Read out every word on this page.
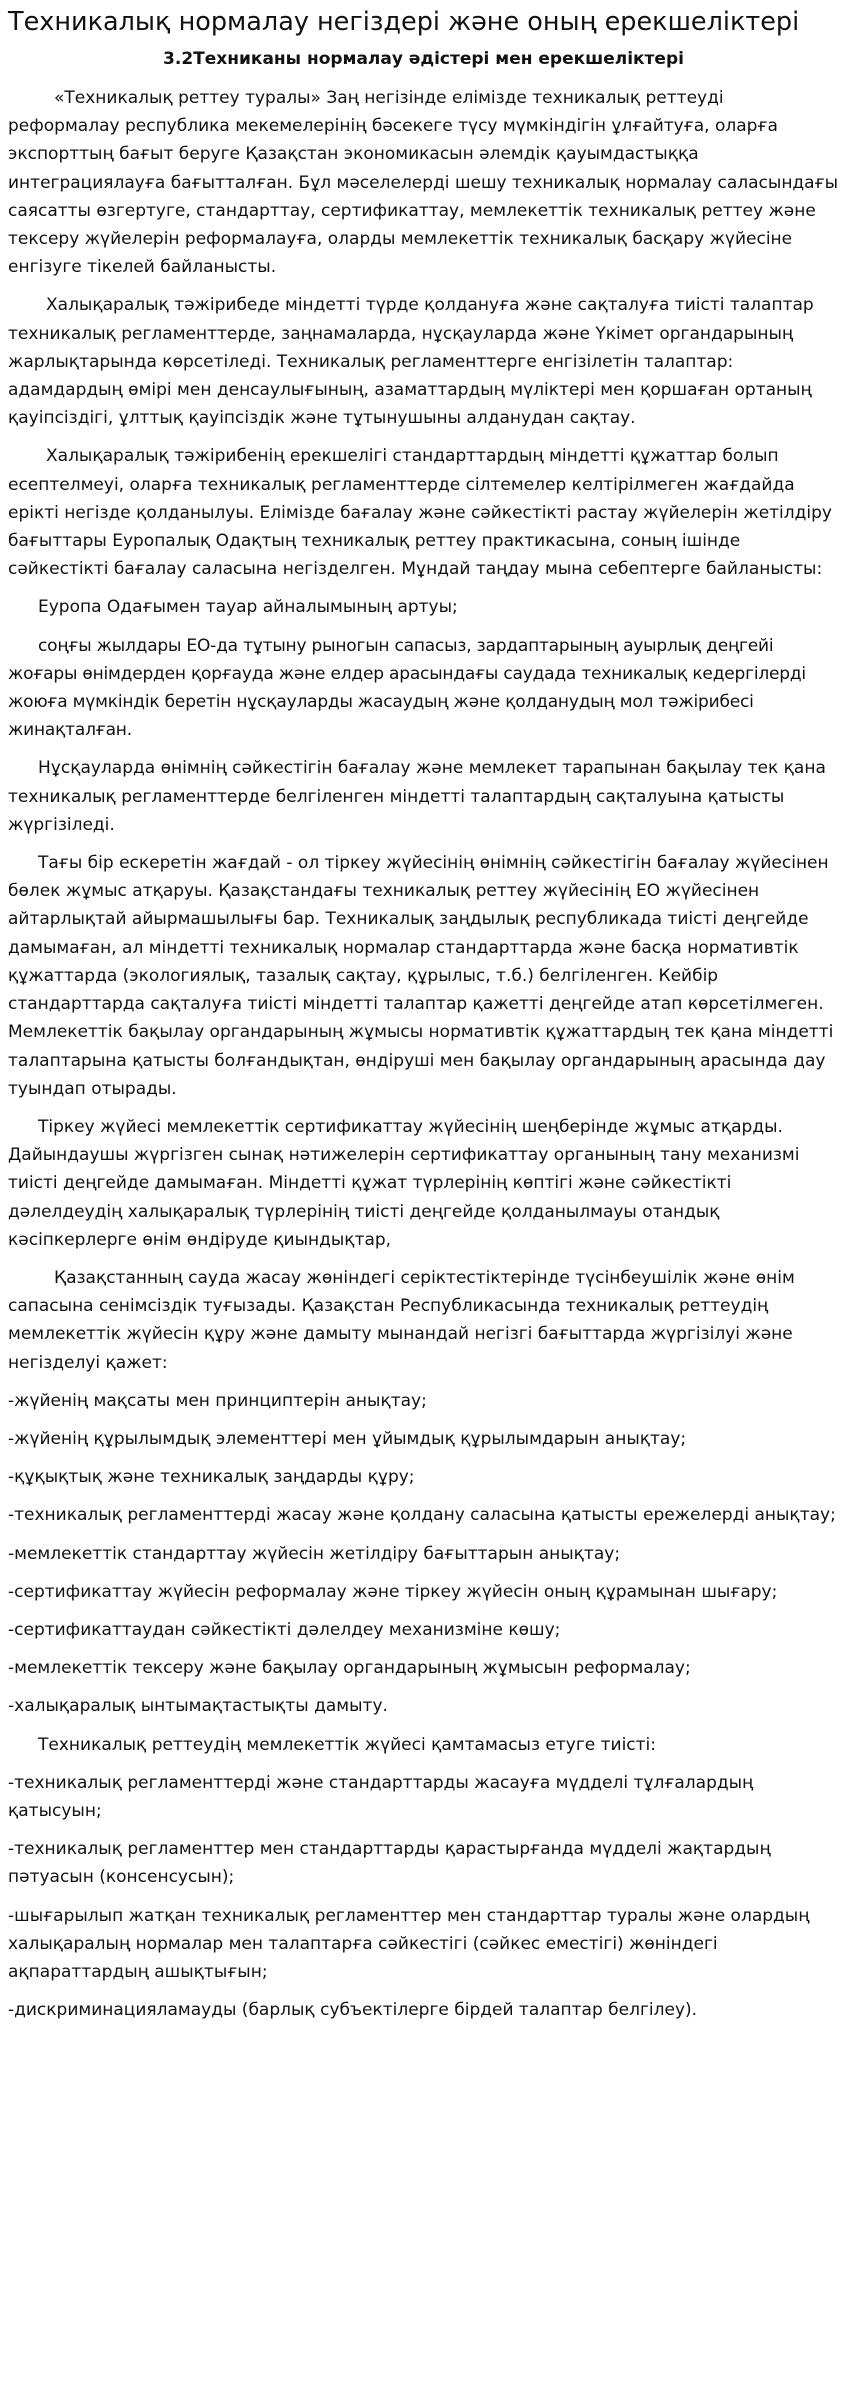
Техникалық нормалау негіздері және оның ерекшеліктері
3.2Техниканы нормалау әдістері мен ерекшеліктері

«Техникалық реттеу туралы» Заң негізінде елімізде техникалық реттеуді реформалау республика мекемелерінің бәсекеге түсу мүмкіндігін ұлғайтуға, оларға экспорттың бағыт беруге Қазақстан экономикасын әлемдік қауымдастыққа интеграциялауға бағытталған. Бұл мәселелерді шешу техникалық нормалау саласындағы саясатты өзгертуге, стандарттау, сертификаттау, мемлекеттік техникалық реттеу және тексеру жүйелерін реформалауға, оларды мемлекеттік техникалық басқару жүйесіне енгізуге тікелей байланысты.

Халықаралық тәжірибеде міндетті түрде қолдануға және сақталуға тиісті талаптар техникалық регламенттерде, заңнамаларда, нұсқауларда және Үкімет органдарының жарлықтарында көрсетіледі. Техникалық регламенттерге енгізілетін талаптар: адамдардың өмірі мен денсаулығының, азаматтардың мүліктері мен қоршаған ортаның қауіпсіздігі, ұлттық қауіпсіздік және тұтынушыны алданудан сақтау.

Халықаралық тәжірибенің ерекшелігі стандарттардың міндетті құжаттар болып есептелмеуі, оларға техникалық регламенттерде сілтемелер келтірілмеген жағдайда ерікті негізде қолданылуы. Елімізде бағалау және сәйкестікті растау жүйелерін жетілдіру бағыттары Еуропалық Одақтың техникалық реттеу практикасына, соның ішінде сәйкестікті бағалау саласына негізделген. Мұндай таңдау мына себептерге байланысты:

Еуропа Одағымен тауар айналымының артуы;

соңғы жылдары ЕО-да тұтыну рыногын сапасыз, зардаптарының ауырлық деңгейі жоғары өнімдерден қорғауда және елдер арасындағы саудада техникалық кедергілерді жоюға мүмкіндік беретін нұсқауларды жасаудың және қолданудың мол тәжірибесі жинақталған.

Нұсқауларда өнімнің сәйкестігін бағалау және мемлекет тарапынан бақылау тек қана техникалық регламенттерде белгіленген міндетті талаптардың сақталуына қатысты жүргізіледі.

Тағы бір ескеретін жағдай - ол тіркеу жүйесінің өнімнің сәйкестігін бағалау жүйесінен бөлек жұмыс атқаруы. Қазақстандағы техникалық реттеу жүйесінің ЕО жүйесінен айтарлықтай айырмашылығы бар. Техникалық заңдылық республикада тиісті деңгейде дамымаған, ал міндетті техникалық нормалар стандарттарда және басқа нормативтік құжаттарда (экологиялық, тазалық сақтау, құрылыс, т.б.) белгіленген. Кейбір стандарттарда сақталуға тиісті міндетті талаптар қажетті деңгейде атап көрсетілмеген. Мемлекеттік бақылау органдарының жұмысы нормативтік құжаттардың тек қана міндетті талаптарына қатысты болғандықтан, өндіруші мен бақылау органдарының арасында дау туындап отырады.

Тіркеу жүйесі мемлекеттік сертификаттау жүйесінің шеңберінде жұмыс атқарды. Дайындаушы жүргізген сынақ нәтижелерін сертификаттау органының тану механизмі тиісті деңгейде дамымаған. Міндетті құжат түрлерінің көптігі және сәйкестікті дәлелдеудің халықаралық түрлерінің тиісті деңгейде қолданылмауы отандық кәсіпкерлерге өнім өндіруде қиындықтар,

Қазақстанның сауда жасау жөніндегі серіктестіктерінде түсінбеушілік және өнім сапасына сенімсіздік туғызады. Қазақстан Республикасында техникалық реттеудің мемлекеттік жүйесін құру және дамыту мынандай негізгі бағыттарда жүргізілуі және негізделуі қажет:

-жүйенің мақсаты мен принциптерін анықтау;

-жүйенің құрылымдық элементтері мен ұйымдық құрылымдарын анықтау;

-құқықтық және техникалық заңдарды құру;

-техникалық регламенттерді жасау және қолдану саласына қатысты ережелерді анықтау;

-мемлекеттік стандарттау жүйесін жетілдіру бағыттарын анықтау;

-сертификаттау жүйесін реформалау және тіркеу жүйесін оның құрамынан шығару;

-сертификаттаудан сәйкестікті дәлелдеу механизміне көшу;

-мемлекеттік тексеру және бақылау органдарының жұмысын реформалау;

-халықаралық ынтымақтастықты дамыту.

Техникалық реттеудің мемлекеттік жүйесі қамтамасыз етуге тиісті:

-техникалық регламенттерді және стандарттарды жасауға мүдделі тұлғалардың қатысуын;

-техникалық регламенттер мен стандарттарды қарастырғанда мүдделі жақтардың пәтуасын (консенсусын);

-шығарылып жатқан техникалық регламенттер мен стандарттар туралы және олардың халықаралың нормалар мен талаптарға сәйкестігі (сәйкес еместігі) жөніндегі ақпараттардың ашықтығын;

-дискриминацияламауды (барлық субъектілерге бірдей талаптар белгілеу).
